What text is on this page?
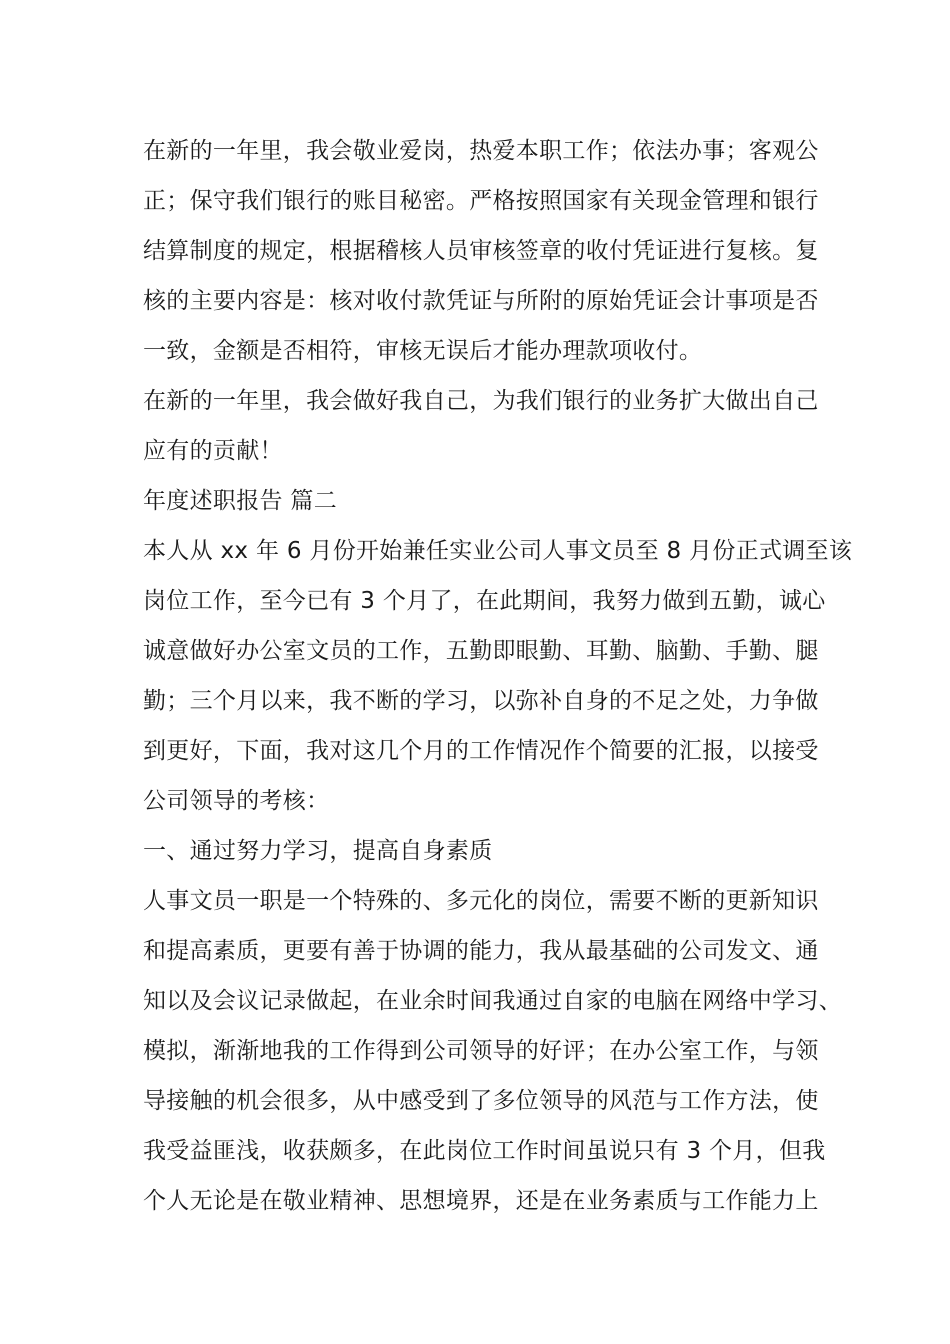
在新的一年里，我会敬业爱岗，热爱本职工作；依法办事；客观公
正；保守我们银行的账目秘密。严格按照国家有关现金管理和银行
结算制度的规定，根据稽核人员审核签章的收付凭证进行复核。复
核的主要内容是：核对收付款凭证与所附的原始凭证会计事项是否
一致，金额是否相符，审核无误后才能办理款项收付。
在新的一年里，我会做好我自己，为我们银行的业务扩大做出自己
应有的贡献！
年度述职报告 篇二
本人从 xx 年 6 月份开始兼任实业公司人事文员至 8 月份正式调至该
岗位工作，至今已有 3 个月了，在此期间，我努力做到五勤，诚心
诚意做好办公室文员的工作，五勤即眼勤、耳勤、脑勤、手勤、腿
勤；三个月以来，我不断的学习，以弥补自身的不足之处，力争做
到更好，下面，我对这几个月的工作情况作个简要的汇报，以接受
公司领导的考核：
一、通过努力学习，提高自身素质
人事文员一职是一个特殊的、多元化的岗位，需要不断的更新知识
和提高素质，更要有善于协调的能力，我从最基础的公司发文、通
知以及会议记录做起，在业余时间我通过自家的电脑在网络中学习、
模拟，渐渐地我的工作得到公司领导的好评；在办公室工作，与领
导接触的机会很多，从中感受到了多位领导的风范与工作方法，使
我受益匪浅，收获颇多，在此岗位工作时间虽说只有 3 个月，但我
个人无论是在敬业精神、思想境界，还是在业务素质与工作能力上
